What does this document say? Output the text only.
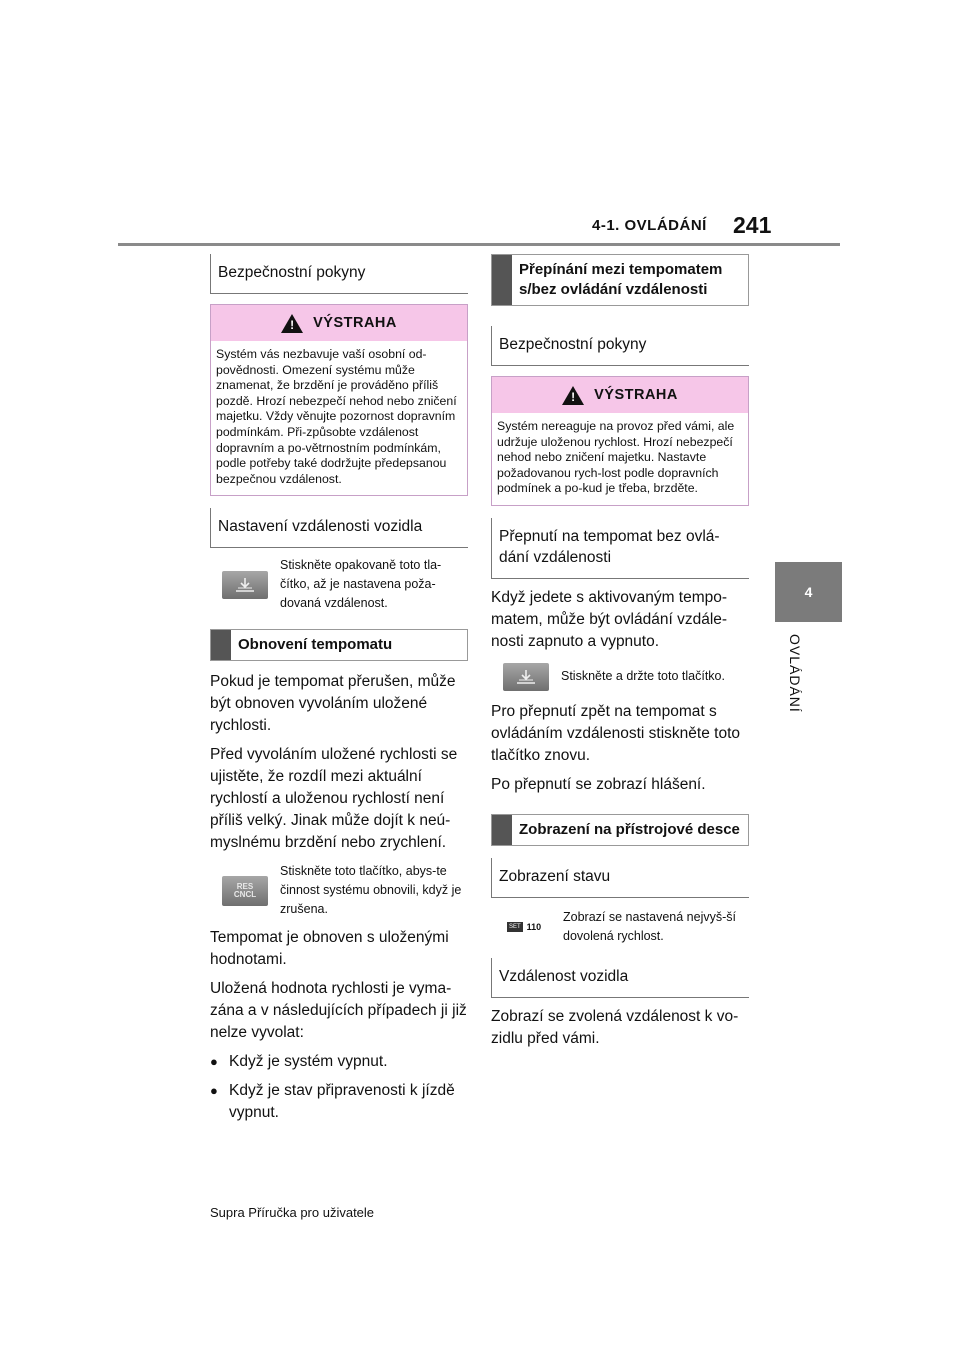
4-1. OVLÁDÁNÍ 241
4
OVLÁDÁNÍ
Bezpečnostní pokyny
! VÝSTRAHA
Systém vás nezbavuje vaší osobní od-povědnosti. Omezení systému může znamenat, že brzdění je prováděno příliš pozdě. Hrozí nebezpečí nehod nebo zničení majetku. Vždy věnujte pozornost dopravním podmínkám. Při-způsobte vzdálenost dopravním a po-větrnostním podmínkám, podle potřeby také dodržujte předepsanou bezpečnou vzdálenost.
Nastavení vzdálenosti vozidla
Stiskněte opakovaně toto tla-čítko, až je nastavena poža-dovaná vzdálenost.
Obnovení tempomatu

Pokud je tempomat přerušen, může být obnoven vyvoláním uložené rychlosti.

Před vyvoláním uložené rychlosti se ujistěte, že rozdíl mezi aktuální rychlostí a uloženou rychlostí není příliš velký. Jinak může dojít k neú-myslnému brzdění nebo zrychlení.

RES
CNCL
Stiskněte toto tlačítko, abys-te činnost systému obnovili, když je zrušena.

Tempomat je obnoven s uloženými hodnotami.

Uložená hodnota rychlosti je vyma-zána a v následujících případech ji již nelze vyvolat:

● Když je systém vypnut.
● Když je stav připravenosti k jízdě vypnut.
Přepínání mezi tempomatem s/bez ovládání vzdálenosti
Bezpečnostní pokyny
! VÝSTRAHA
Systém nereaguje na provoz před vámi, ale udržuje uloženou rychlost. Hrozí nebezpečí nehod nebo zničení majetku. Nastavte požadovanou rych-lost podle dopravních podmínek a po-kud je třeba, brzděte.
Přepnutí na tempomat bez ovlá-dání vzdálenosti

Když jedete s aktivovaným tempo-matem, může být ovládání vzdále-nosti zapnuto a vypnuto.

Stiskněte a držte toto tlačítko.

Pro přepnutí zpět na tempomat s ovládáním vzdálenosti stiskněte toto tlačítko znovu.

Po přepnutí se zobrazí hlášení.

Zobrazení na přístrojové desce
Zobrazení stavu
SET 110
Zobrazí se nastavená nejvyš-ší dovolená rychlost.
Vzdálenost vozidla

Zobrazí se zvolená vzdálenost k vo-zidlu před vámi.

Supra Příručka pro uživatele
